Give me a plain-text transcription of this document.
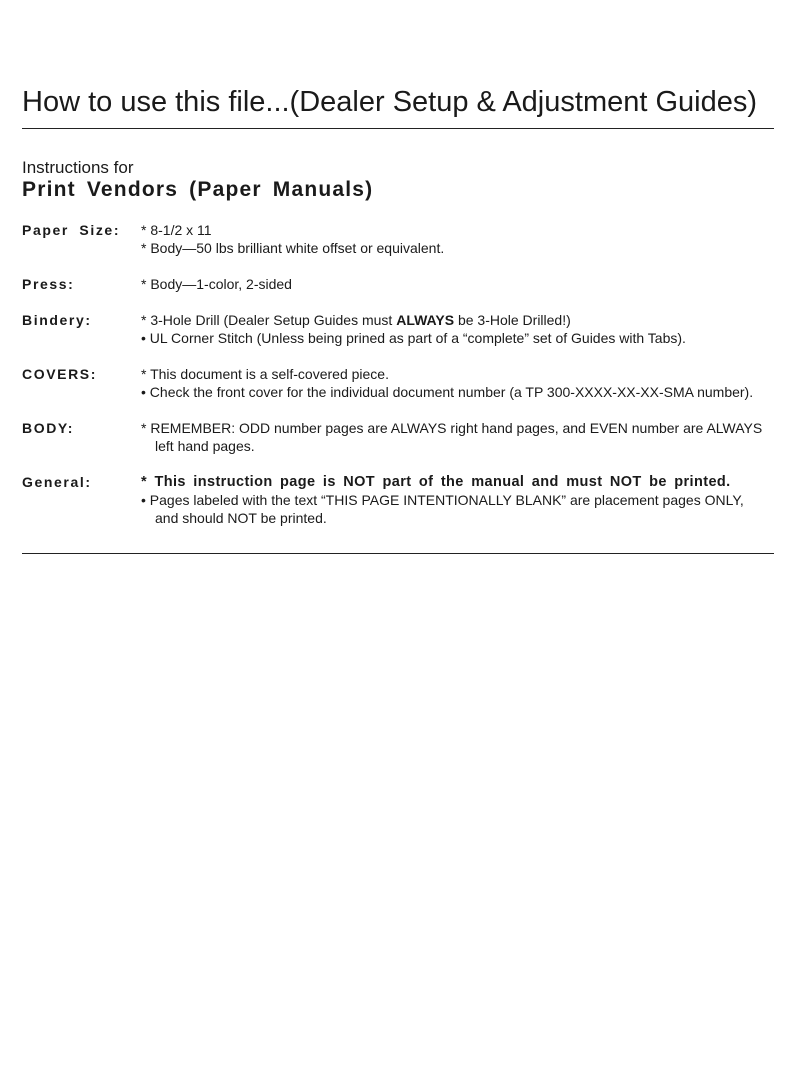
How to use this file...(Dealer Setup & Adjustment Guides)
Instructions for
Print Vendors (Paper Manuals)
Paper Size: * 8-1/2 x 11
* Body—50 lbs brilliant white offset or equivalent.
Press:	* Body—1-color, 2-sided
Bindery:	* 3-Hole Drill (Dealer Setup Guides must ALWAYS be 3-Hole Drilled!)
• UL Corner Stitch (Unless being prined as part of a “complete” set of Guides with Tabs).
COVERS:	* This document is a self-covered piece.
• Check the front cover for the individual document number (a TP 300-XXXX-XX-XX-SMA number).
BODY:	* REMEMBER: ODD number pages are ALWAYS right hand pages, and EVEN number are ALWAYS
left hand pages.
General:	* This instruction page is NOT part of the manual and must NOT be printed.
• Pages labeled with the text “THIS PAGE INTENTIONALLY BLANK” are placement pages ONLY,
and should NOT be printed.
